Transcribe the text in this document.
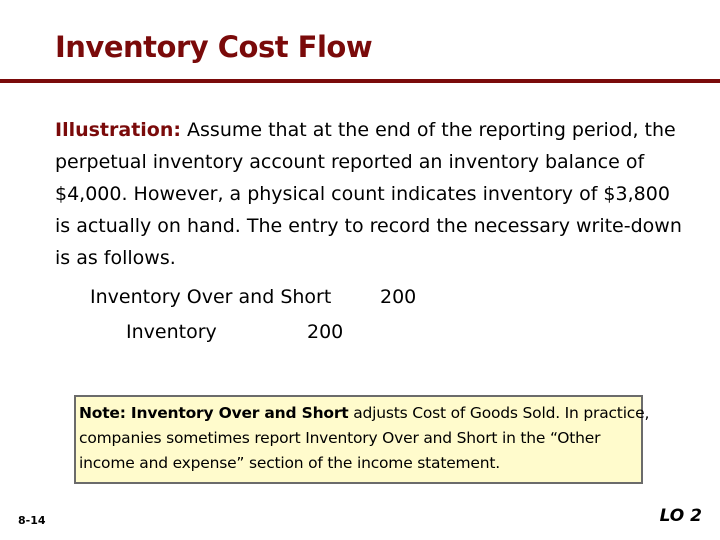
Inventory Cost Flow
Illustration: Assume that at the end of the reporting period, the perpetual inventory account reported an inventory balance of $4,000. However, a physical count indicates inventory of $3,800 is actually on hand. The entry to record the necessary write-down is as follows.
Inventory Over and Short	200
Inventory	200
Note: Inventory Over and Short adjusts Cost of Goods Sold. In practice, companies sometimes report Inventory Over and Short in the “Other income and expense” section of the income statement.
8-14	LO 2
